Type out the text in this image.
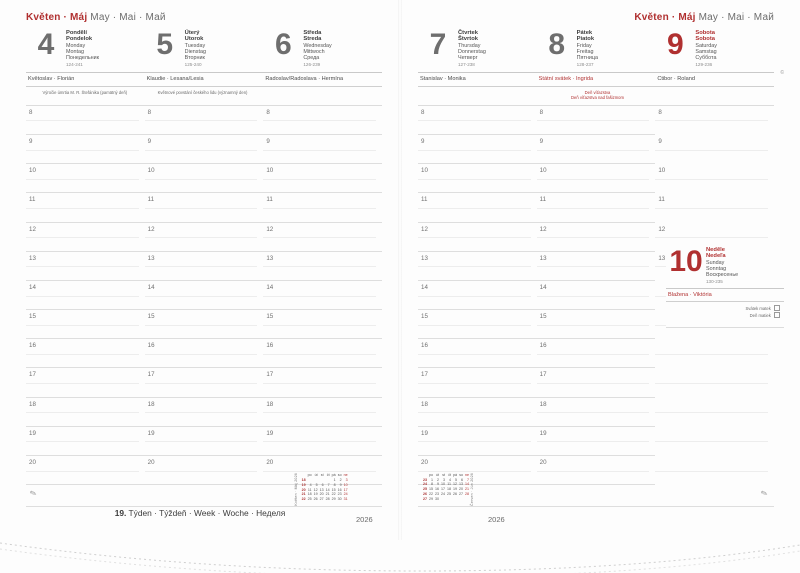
Květen · Máj May · Mai · Май
4	Pondělí
Pondelok
Monday
Montag
Понедельник
124-241
5	Úterý
Utorok
Tuesday
Dienstag
Вторник
125-240
6	Středa
Streda
Wednesday
Mittwoch
Среда
126-239
Květoslav · Florián	Klaudie · Lesana/Lesia	Radoslav/Radoslava · Hermína
Výročie úmrtia M. R. Štefánika (pamätný deň)	Květnové povstání českého lidu (významný den)
8
9
10
11
12
13
14
15
16
17
18
19
20
8
9
10
11
12
13
14
15
16
17
18
19
20
8
9
10
11
12
13
14
15
16
17
18
19
20
✎	Květen · Máj 2026
		po	út	st	čt	pá	so	ne
18					1	2	3
19	4	5	6	7	8	9	10
20	11	12	13	14	15	16	17
21	18	19	20	21	22	23	24
22	25	26	27	28	29	30	31
2026
19. Týden · Týždeň · Week · Woche · Неделя
Květen · Máj May · Mai · Май
7	Čtvrtek
Štvrtok
Thursday
Donnerstag
Четверг
127-238
8	Pátek
Piatok
Friday
Freitag
Пятница
128-237
9	Sobota
Sobota
Saturday
Samstag
Суббота
129-236
Stanislav · Monika	Státní svátek · Ingrida	Ctibor · Roland
Deň víťazstva
Deň víťazstva nad fašizmom
8
9
10
11
12
13
14
15
16
17
18
19
20
8
9
10
11
12
13
14
15
16
17
18
19
20
8
9
10
11
12
13
✎
10 Neděle
Nedeľa
Sunday
Sonntag
Воскресенье
130-235
Blažena · Viktória
Svátek matek
Deň matiek
	po	út	st	čt	pá	so	ne
23	1	2	3	4	5	6	7
24	8	9	10	11	12	13	14
25	15	16	17	18	19	20	21
26	22	23	24	25	26	27	28
27	29	30						Červen · Jún 2026
2026
©
